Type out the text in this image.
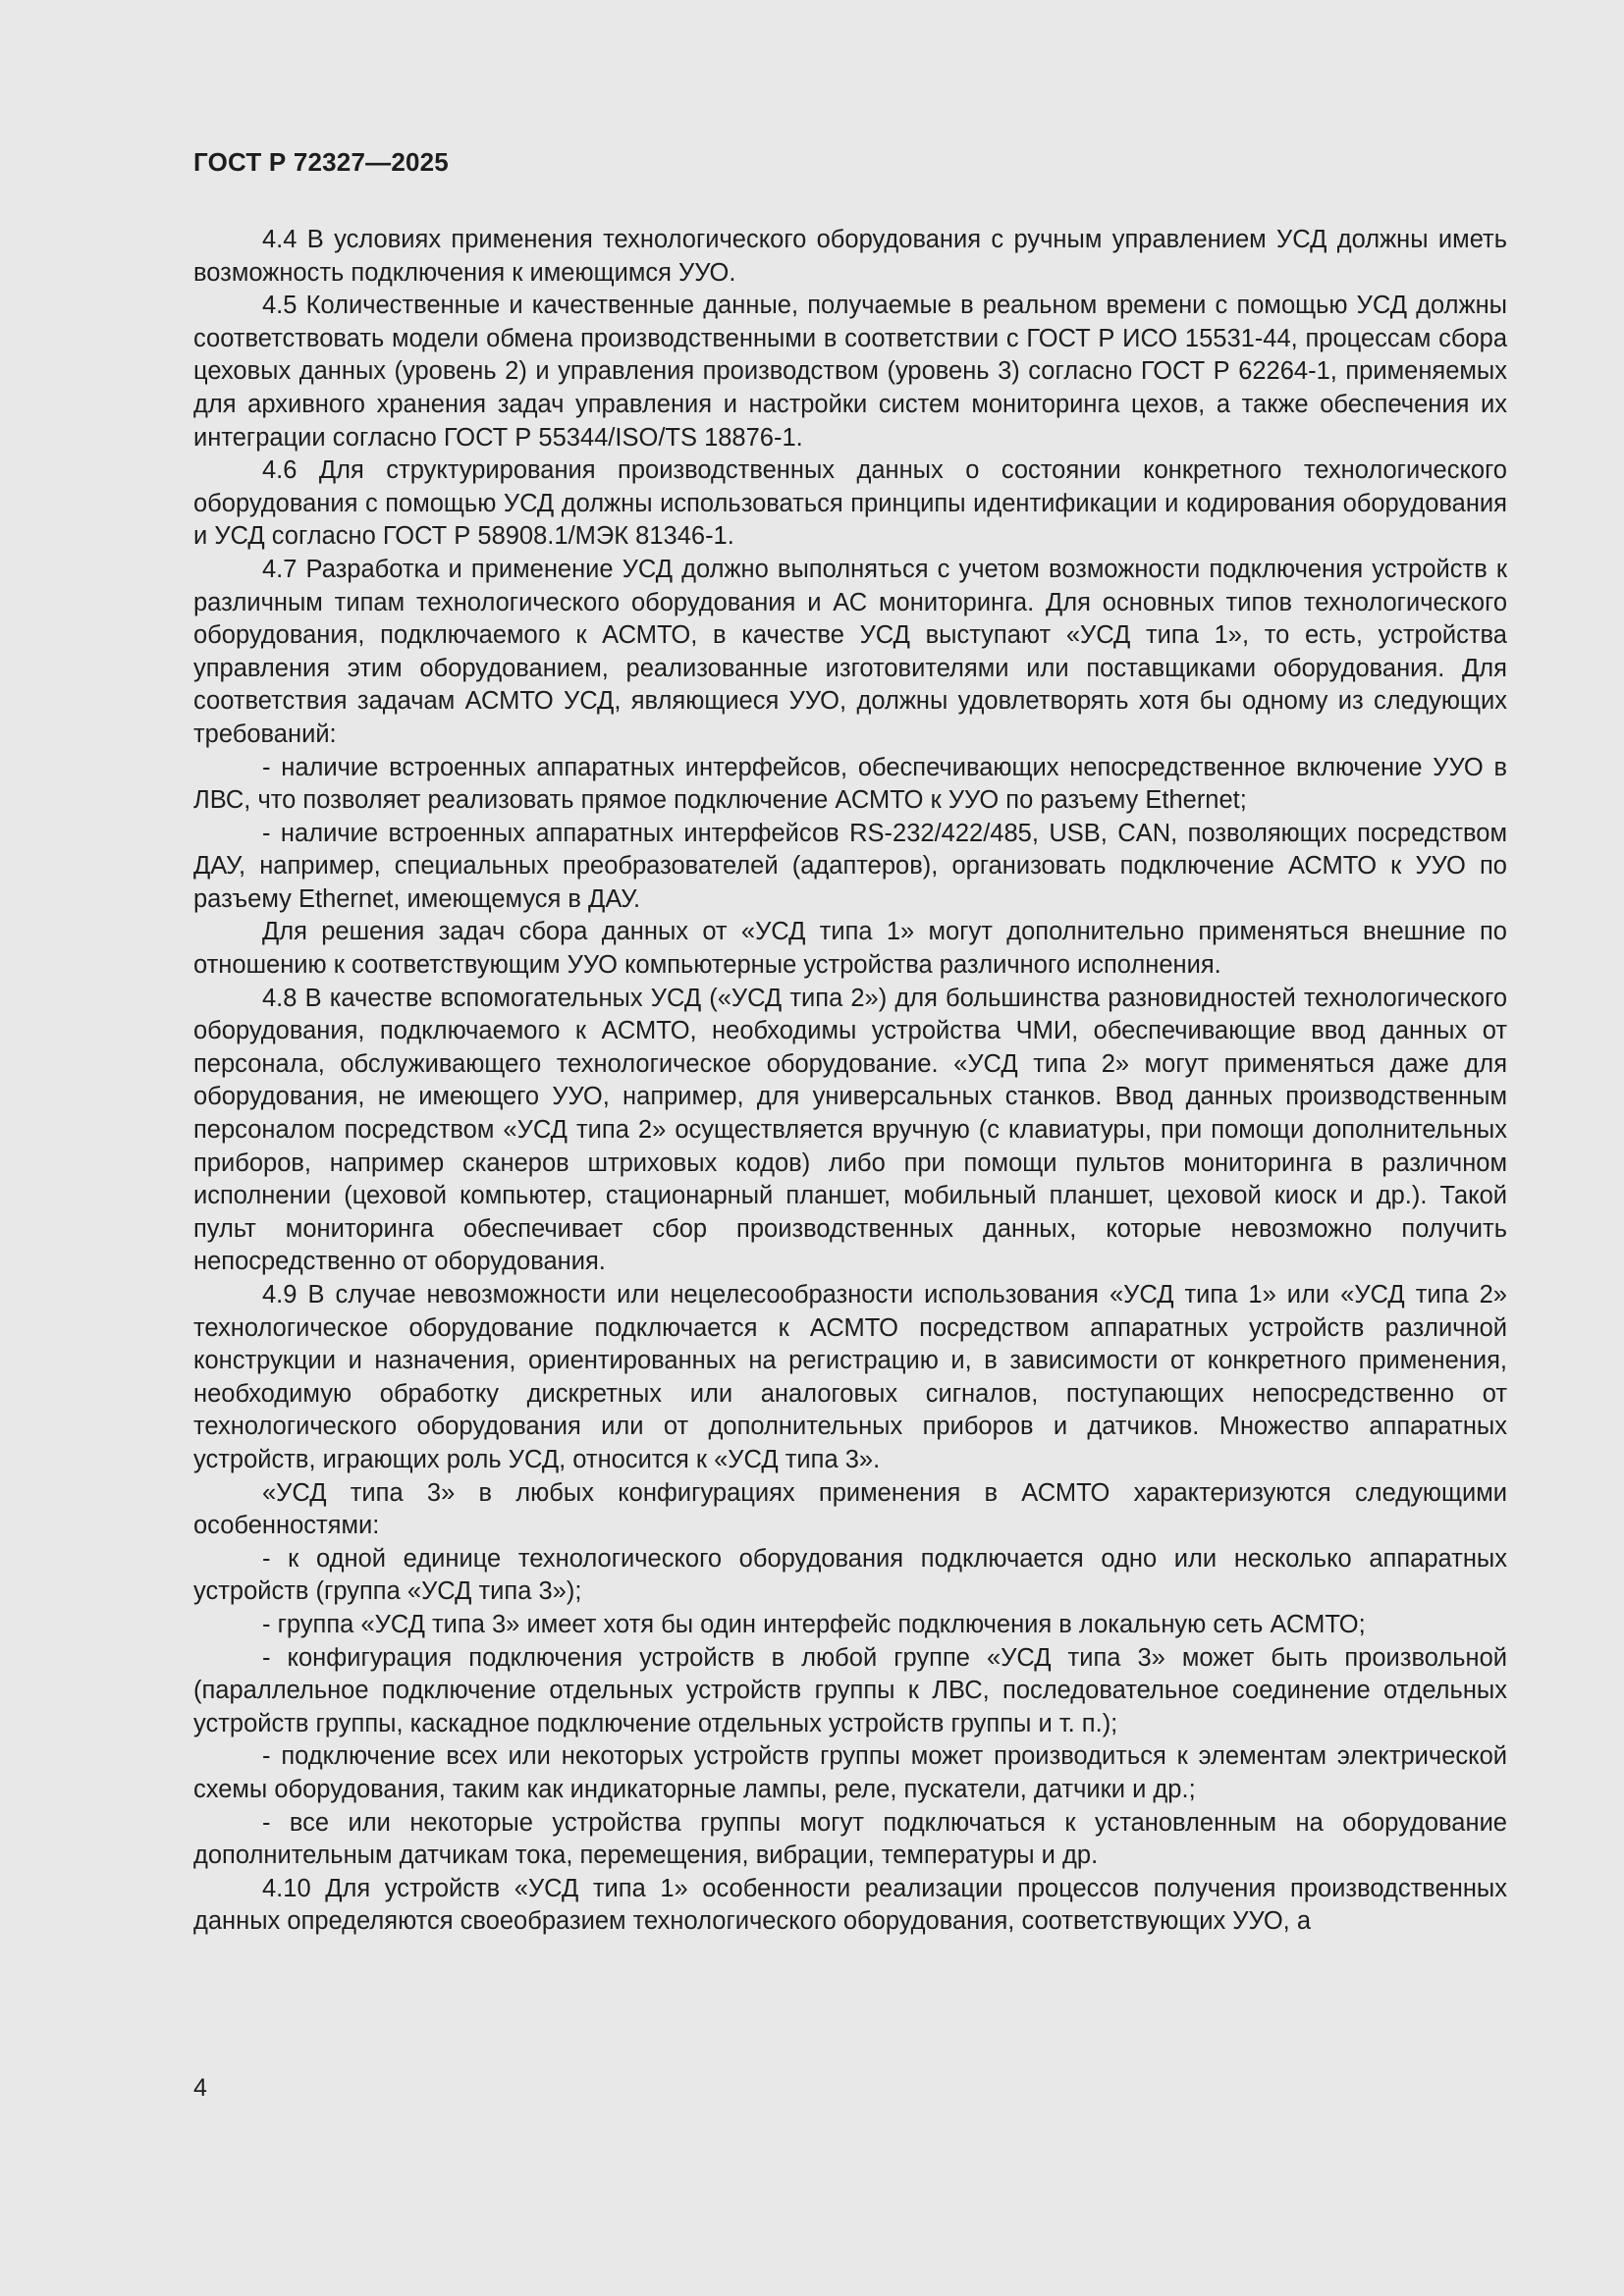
ГОСТ Р 72327—2025

4.4 В условиях применения технологического оборудования с ручным управлением УСД должны иметь возможность подключения к имеющимся УУО.

4.5 Количественные и качественные данные, получаемые в реальном времени с помощью УСД должны соответствовать модели обмена производственными в соответствии с ГОСТ Р ИСО 15531-44, процессам сбора цеховых данных (уровень 2) и управления производством (уровень 3) согласно ГОСТ Р 62264-1, применяемых для архивного хранения задач управления и настройки систем мониторинга цехов, а также обеспечения их интеграции согласно ГОСТ Р 55344/ISO/TS 18876-1.

4.6 Для структурирования производственных данных о состоянии конкретного технологического оборудования с помощью УСД должны использоваться принципы идентификации и кодирования оборудования и УСД согласно ГОСТ Р 58908.1/МЭК 81346-1.

4.7 Разработка и применение УСД должно выполняться с учетом возможности подключения устройств к различным типам технологического оборудования и АС мониторинга. Для основных типов технологического оборудования, подключаемого к АСМТО, в качестве УСД выступают «УСД типа 1», то есть, устройства управления этим оборудованием, реализованные изготовителями или поставщиками оборудования. Для соответствия задачам АСМТО УСД, являющиеся УУО, должны удовлетворять хотя бы одному из следующих требований:

- наличие встроенных аппаратных интерфейсов, обеспечивающих непосредственное включение УУО в ЛВС, что позволяет реализовать прямое подключение АСМТО к УУО по разъему Ethernet;

- наличие встроенных аппаратных интерфейсов RS-232/422/485, USB, CAN, позволяющих посредством ДАУ, например, специальных преобразователей (адаптеров), организовать подключение АСМТО к УУО по разъему Ethernet, имеющемуся в ДАУ.

Для решения задач сбора данных от «УСД типа 1» могут дополнительно применяться внешние по отношению к соответствующим УУО компьютерные устройства различного исполнения.

4.8 В качестве вспомогательных УСД («УСД типа 2») для большинства разновидностей технологического оборудования, подключаемого к АСМТО, необходимы устройства ЧМИ, обеспечивающие ввод данных от персонала, обслуживающего технологическое оборудование. «УСД типа 2» могут применяться даже для оборудования, не имеющего УУО, например, для универсальных станков. Ввод данных производственным персоналом посредством «УСД типа 2» осуществляется вручную (с клавиатуры, при помощи дополнительных приборов, например сканеров штриховых кодов) либо при помощи пультов мониторинга в различном исполнении (цеховой компьютер, стационарный планшет, мобильный планшет, цеховой киоск и др.). Такой пульт мониторинга обеспечивает сбор производственных данных, которые невозможно получить непосредственно от оборудования.

4.9 В случае невозможности или нецелесообразности использования «УСД типа 1» или «УСД типа 2» технологическое оборудование подключается к АСМТО посредством аппаратных устройств различной конструкции и назначения, ориентированных на регистрацию и, в зависимости от конкретного применения, необходимую обработку дискретных или аналоговых сигналов, поступающих непосредственно от технологического оборудования или от дополнительных приборов и датчиков. Множество аппаратных устройств, играющих роль УСД, относится к «УСД типа 3».

«УСД типа 3» в любых конфигурациях применения в АСМТО характеризуются следующими особенностями:

- к одной единице технологического оборудования подключается одно или несколько аппаратных устройств (группа «УСД типа 3»);

- группа «УСД типа 3» имеет хотя бы один интерфейс подключения в локальную сеть АСМТО;

- конфигурация подключения устройств в любой группе «УСД типа 3» может быть произвольной (параллельное подключение отдельных устройств группы к ЛВС, последовательное соединение отдельных устройств группы, каскадное подключение отдельных устройств группы и т. п.);

- подключение всех или некоторых устройств группы может производиться к элементам электрической схемы оборудования, таким как индикаторные лампы, реле, пускатели, датчики и др.;

- все или некоторые устройства группы могут подключаться к установленным на оборудование дополнительным датчикам тока, перемещения, вибрации, температуры и др.

4.10 Для устройств «УСД типа 1» особенности реализации процессов получения производственных данных определяются своеобразием технологического оборудования, соответствующих УУО, а

4
